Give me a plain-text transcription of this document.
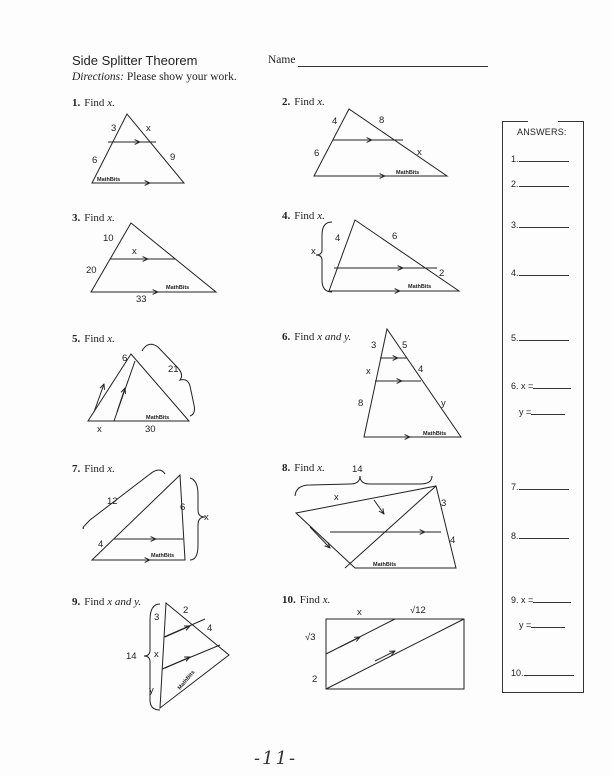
Side Splitter Theorem
Directions: Please show your work.
Name
1. Find x.	2. Find x.
3. Find x.	4. Find x.
5. Find x.	6. Find x and y.
7. Find x.	8. Find x.
9. Find x and y.	10. Find x.
3	x
6	9
MathBits
4	8
6	x
MathBits
10
x
20
33
MathBits
x
4	6
2
MathBits
6
21
x	30
MathBits
3	5
x	4
8	y
MathBits
12
6
x
4
MathBits
14
x
3
4
MathBits
3
2
4
14 x
y	MathBits
x	√12
√3
2
ANSWERS:
1.
2.
3.
4.
5.
6. x =
y =
7.
8.
9. x =
y =
10.
-11-
